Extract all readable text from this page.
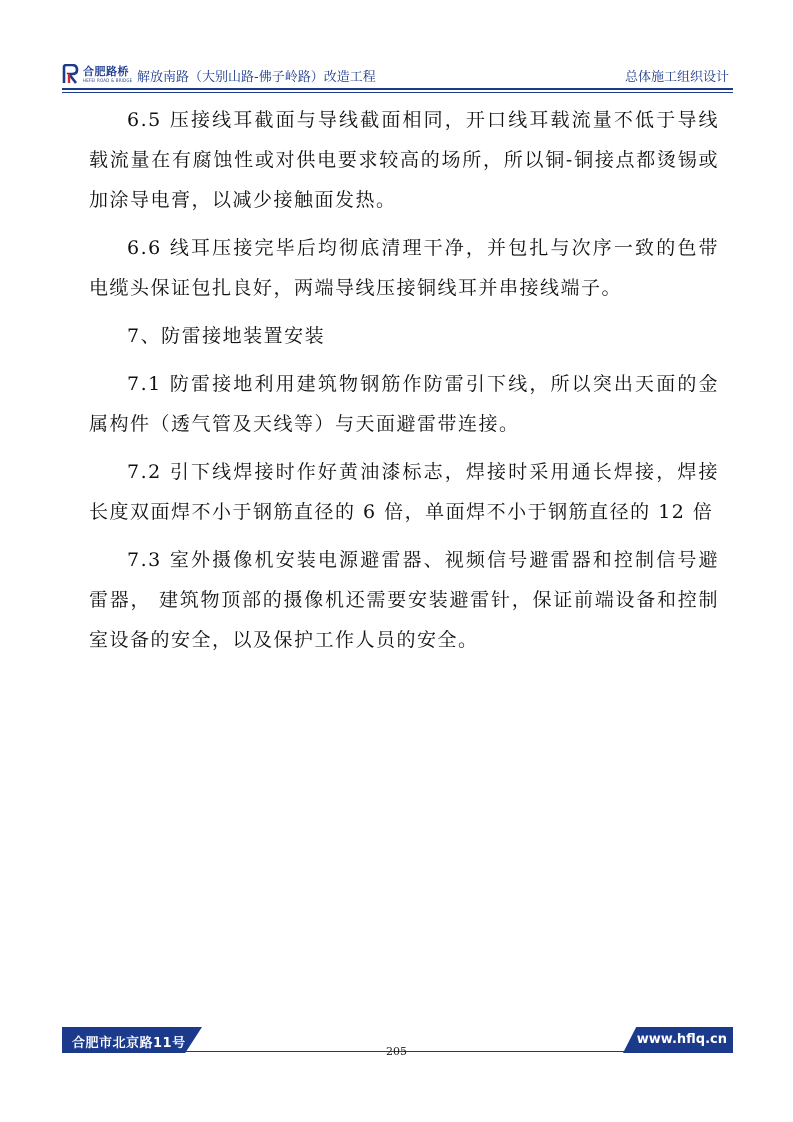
合肥路桥
HEFEI ROAD & BRIDGE 解放南路（大别山路-佛子岭路）改造工程	总体施工组织设计

6.5 压接线耳截面与导线截面相同，开口线耳载流量不低于导线载流量在有腐蚀性或对供电要求较高的场所，所以铜-铜接点都烫锡或加涂导电膏，以减少接触面发热。

6.6 线耳压接完毕后均彻底清理干净，并包扎与次序一致的色带电缆头保证包扎良好，两端导线压接铜线耳并串接线端子。

7、防雷接地装置安装

7.1 防雷接地利用建筑物钢筋作防雷引下线，所以突出天面的金属构件（透气管及天线等）与天面避雷带连接。

7.2 引下线焊接时作好黄油漆标志，焊接时采用通长焊接，焊接长度双面焊不小于钢筋直径的 6 倍，单面焊不小于钢筋直径的 12 倍

7.3 室外摄像机安装电源避雷器、视频信号避雷器和控制信号避雷器， 建筑物顶部的摄像机还需要安装避雷针，保证前端设备和控制室设备的安全，以及保护工作人员的安全。

合肥市北京路11号	www.hflq.cn
205
